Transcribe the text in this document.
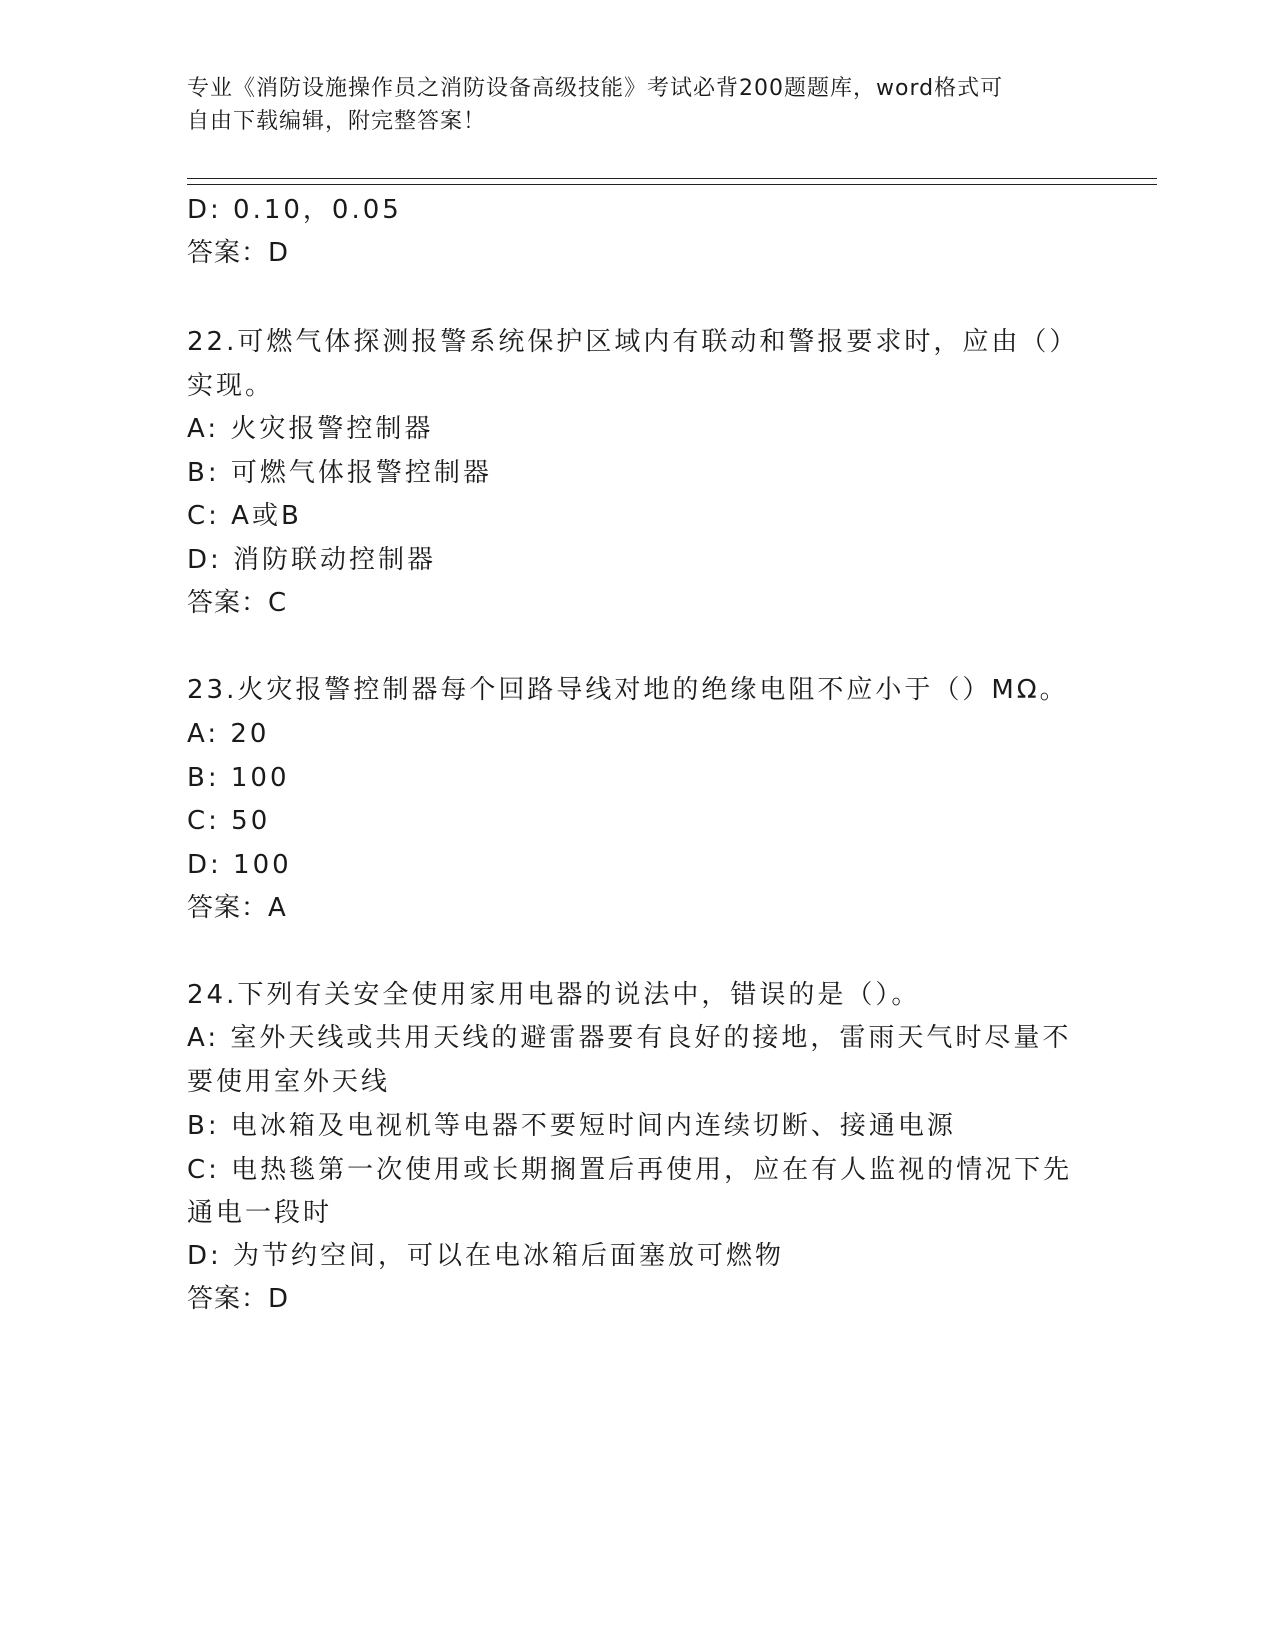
专业《消防设施操作员之消防设备高级技能》考试必背200题题库，word格式可
自由下载编辑，附完整答案！
D: 0.10，0.05
答案：D
22.可燃气体探测报警系统保护区域内有联动和警报要求时，应由（）
实现。
A: 火灾报警控制器
B: 可燃气体报警控制器
C: A或B
D: 消防联动控制器
答案：C
23.火灾报警控制器每个回路导线对地的绝缘电阻不应小于（）MΩ。
A: 20
B: 100
C: 50
D: 100
答案：A
24.下列有关安全使用家用电器的说法中，错误的是（）。
A: 室外天线或共用天线的避雷器要有良好的接地，雷雨天气时尽量不
要使用室外天线
B: 电冰箱及电视机等电器不要短时间内连续切断、接通电源
C: 电热毯第一次使用或长期搁置后再使用，应在有人监视的情况下先
通电一段时
D: 为节约空间，可以在电冰箱后面塞放可燃物
答案：D
